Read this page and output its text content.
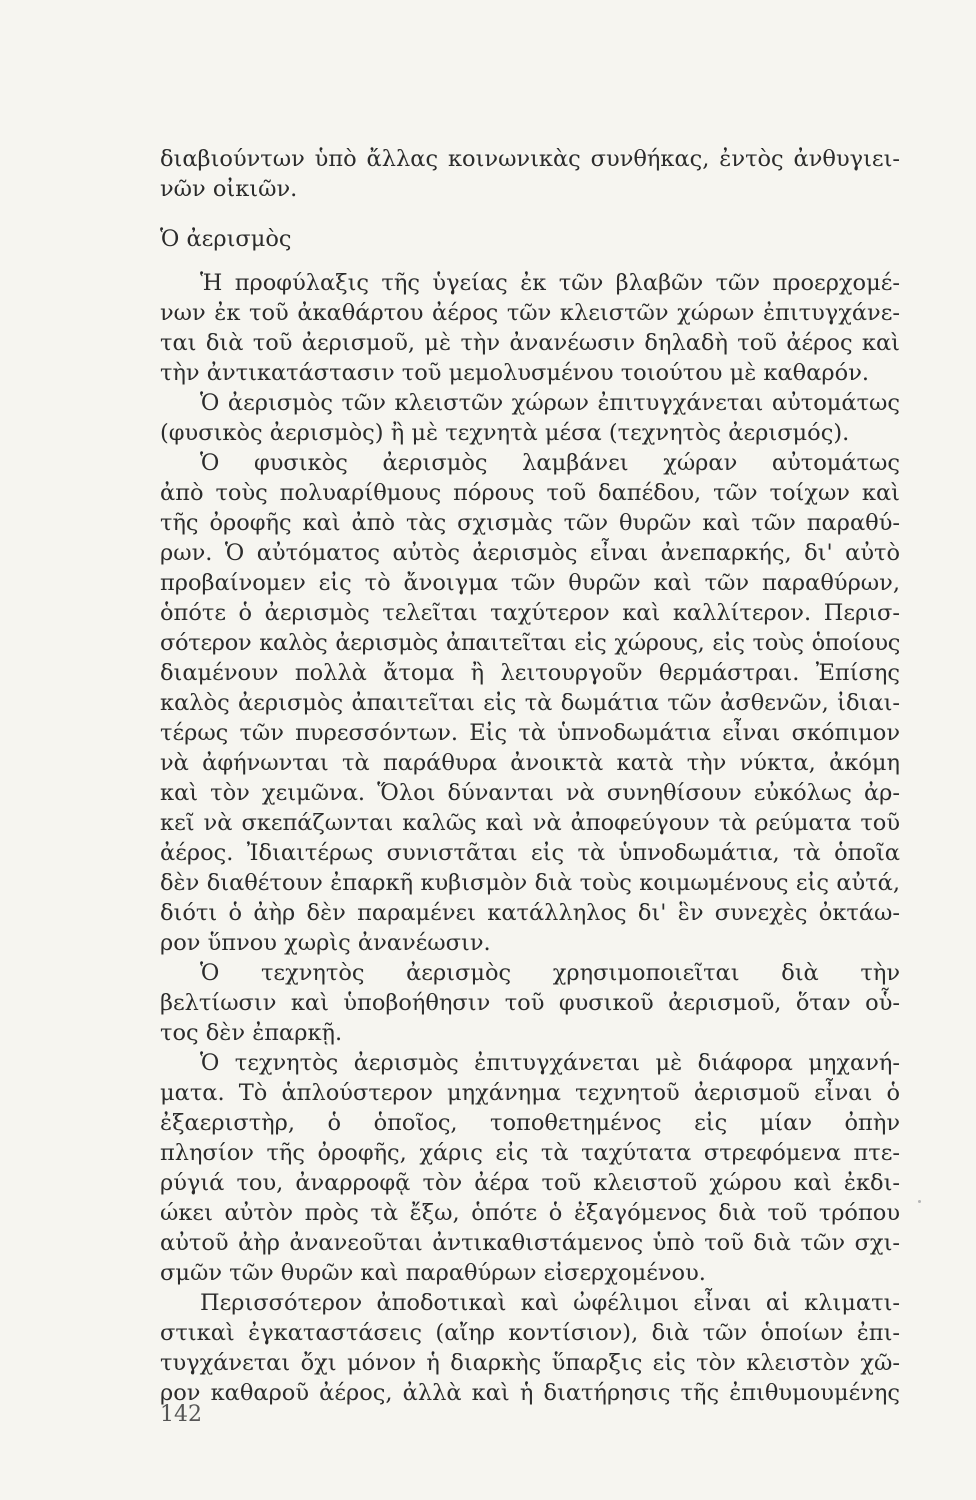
διαβιούντων ὑπὸ ἄλλας κοινωνικὰς συνθήκας, ἐντὸς ἀνθυγιει-
νῶν οἰκιῶν.
Ὁ ἀερισμὸς
Ἡ προφύλαξις τῆς ὑγείας ἐκ τῶν βλαβῶν τῶν προερχομέ-
νων ἐκ τοῦ ἀκαθάρτου ἀέρος τῶν κλειστῶν χώρων ἐπιτυγχάνε-
ται διὰ τοῦ ἀερισμοῦ, μὲ τὴν ἀνανέωσιν δηλαδὴ τοῦ ἀέρος καὶ
τὴν ἀντικατάστασιν τοῦ μεμολυσμένου τοιούτου μὲ καθαρόν.
Ὁ ἀερισμὸς τῶν κλειστῶν χώρων ἐπιτυγχάνεται αὐτομάτως
(φυσικὸς ἀερισμὸς) ἢ μὲ τεχνητὰ μέσα (τεχνητὸς ἀερισμός).
Ὁ φυσικὸς ἀερισμὸς λαμβάνει χώραν αὐτομάτως
ἀπὸ τοὺς πολυαρίθμους πόρους τοῦ δαπέδου, τῶν τοίχων καὶ
τῆς ὀροφῆς καὶ ἀπὸ τὰς σχισμὰς τῶν θυρῶν καὶ τῶν παραθύ-
ρων. Ὁ αὐτόματος αὐτὸς ἀερισμὸς εἶναι ἀνεπαρκής, δι' αὐτὸ
προβαίνομεν εἰς τὸ ἄνοιγμα τῶν θυρῶν καὶ τῶν παραθύρων,
ὁπότε ὁ ἀερισμὸς τελεῖται ταχύτερον καὶ καλλίτερον. Περισ-
σότερον καλὸς ἀερισμὸς ἀπαιτεῖται εἰς χώρους, εἰς τοὺς ὁποίους
διαμένουν πολλὰ ἄτομα ἢ λειτουργοῦν θερμάστραι. Ἐπίσης
καλὸς ἀερισμὸς ἀπαιτεῖται εἰς τὰ δωμάτια τῶν ἀσθενῶν, ἰδιαι-
τέρως τῶν πυρεσσόντων. Εἰς τὰ ὑπνοδωμάτια εἶναι σκόπιμον
νὰ ἀφήνωνται τὰ παράθυρα ἀνοικτὰ κατὰ τὴν νύκτα, ἀκόμη
καὶ τὸν χειμῶνα. Ὅλοι δύνανται νὰ συνηθίσουν εὐκόλως ἀρ-
κεῖ νὰ σκεπάζωνται καλῶς καὶ νὰ ἀποφεύγουν τὰ ρεύματα τοῦ
ἀέρος. Ἰδιαιτέρως συνιστᾶται εἰς τὰ ὑπνοδωμάτια, τὰ ὁποῖα
δὲν διαθέτουν ἐπαρκῆ κυβισμὸν διὰ τοὺς κοιμωμένους εἰς αὐτά,
διότι ὁ ἀὴρ δὲν παραμένει κατάλληλος δι' ἓν συνεχὲς ὀκτάω-
ρον ὕπνου χωρὶς ἀνανέωσιν.
Ὁ τεχνητὸς ἀερισμὸς χρησιμοποιεῖται διὰ τὴν
βελτίωσιν καὶ ὑποβοήθησιν τοῦ φυσικοῦ ἀερισμοῦ, ὅταν οὗ-
τος δὲν ἐπαρκῇ.
Ὁ τεχνητὸς ἀερισμὸς ἐπιτυγχάνεται μὲ διάφορα μηχανή-
ματα. Τὸ ἁπλούστερον μηχάνημα τεχνητοῦ ἀερισμοῦ εἶναι ὁ
ἐξαεριστὴρ, ὁ ὁποῖος, τοποθετημένος εἰς μίαν ὀπὴν
πλησίον τῆς ὀροφῆς, χάρις εἰς τὰ ταχύτατα στρεφόμενα πτε-
ρύγιά του, ἀναρροφᾷ τὸν ἀέρα τοῦ κλειστοῦ χώρου καὶ ἐκδι-
ώκει αὐτὸν πρὸς τὰ ἔξω, ὁπότε ὁ ἐξαγόμενος διὰ τοῦ τρόπου
αὐτοῦ ἀὴρ ἀνανεοῦται ἀντικαθιστάμενος ὑπὸ τοῦ διὰ τῶν σχι-
σμῶν τῶν θυρῶν καὶ παραθύρων εἰσερχομένου.
Περισσότερον ἀποδοτικαὶ καὶ ὠφέλιμοι εἶναι αἱ κλιματι-
στικαὶ ἐγκαταστάσεις (αἴηρ κοντίσιον), διὰ τῶν ὁποίων ἐπι-
τυγχάνεται ὄχι μόνον ἡ διαρκὴς ὕπαρξις εἰς τὸν κλειστὸν χῶ-
ρον καθαροῦ ἀέρος, ἀλλὰ καὶ ἡ διατήρησις τῆς ἐπιθυμουμένης
142
